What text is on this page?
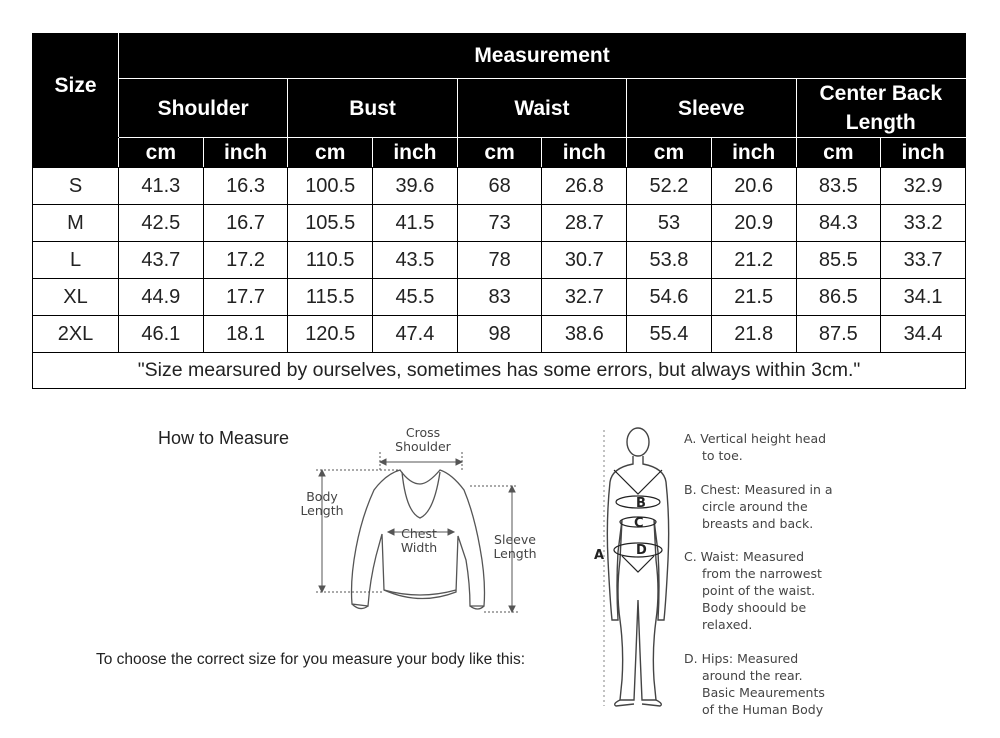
Size	Measurement									
	Shoulder		Bust		Waist		Sleeve		Center Back Length	
	cm	inch	cm	inch	cm	inch	cm	inch	cm	inch
S	41.3	16.3	100.5	39.6	68	26.8	52.2	20.6	83.5	32.9
M	42.5	16.7	105.5	41.5	73	28.7	53	20.9	84.3	33.2
L	43.7	17.2	110.5	43.5	78	30.7	53.8	21.2	85.5	33.7
XL	44.9	17.7	115.5	45.5	83	32.7	54.6	21.5	86.5	34.1
2XL	46.1	18.1	120.5	47.4	98	38.6	55.4	21.8	87.5	34.4
"Size mearsured by ourselves, sometimes has some errors, but always within 3cm."										
How to Measure
To choose the correct size for you measure your body like this:
Cross
Shoulder
Body
Length
Chest
Width
Sleeve
Length	A
B
C
D
A. Vertical height head
to toe.
B. Chest: Measured in a
circle around the
breasts and back.
C. Waist: Measured
from the narrowest
point of the waist.
Body shoould be
relaxed.
D. Hips: Measured
around the rear.
Basic Meaurements
of the Human Body
